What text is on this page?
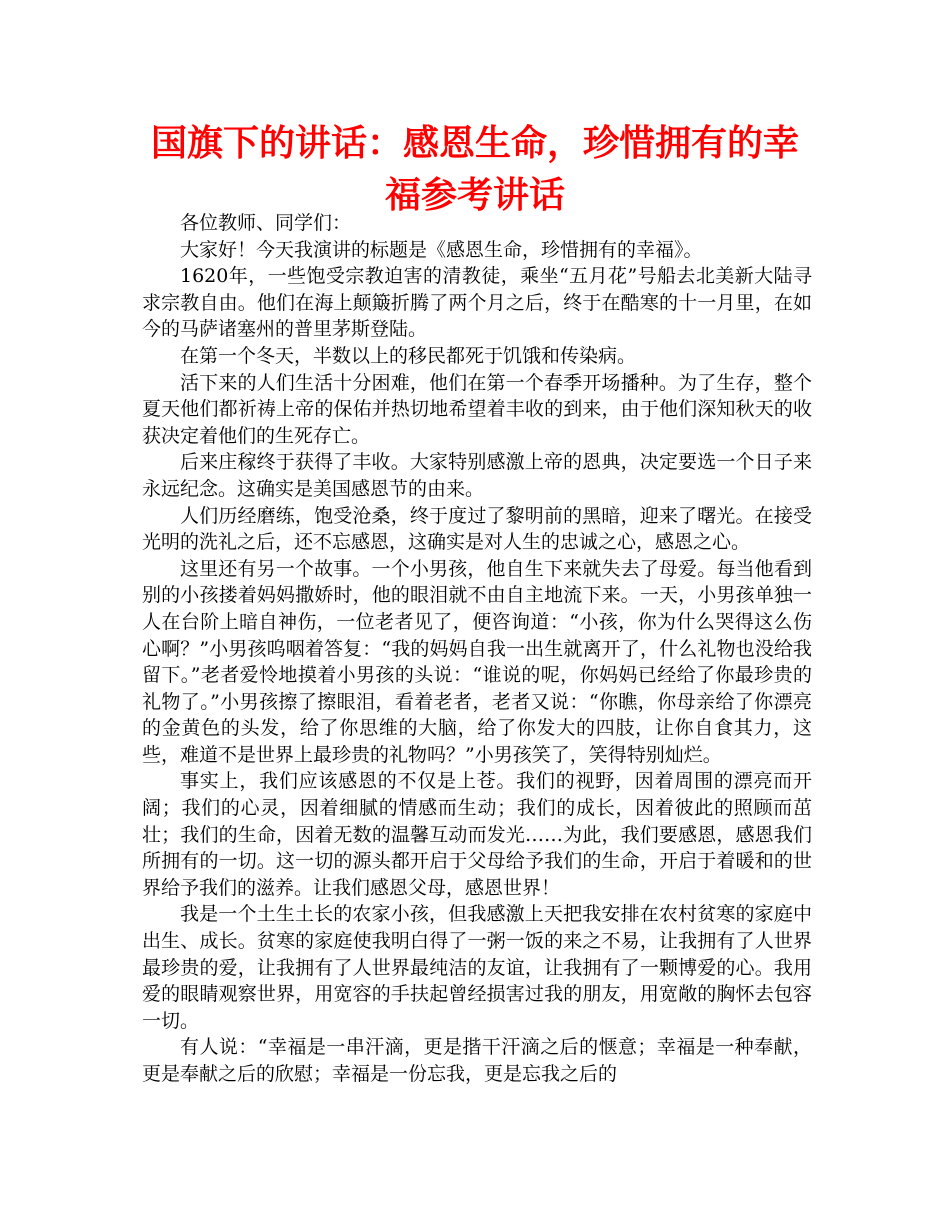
国旗下的讲话：感恩生命，珍惜拥有的幸福参考讲话

各位教师、同学们：

大家好！今天我演讲的标题是《感恩生命，珍惜拥有的幸福》。

1620年，一些饱受宗教迫害的清教徒，乘坐“五月花”号船去北美新大陆寻求宗教自由。他们在海上颠簸折腾了两个月之后，终于在酷寒的十一月里，在如今的马萨诸塞州的普里茅斯登陆。

在第一个冬天，半数以上的移民都死于饥饿和传染病。

活下来的人们生活十分困难，他们在第一个春季开场播种。为了生存，整个夏天他们都祈祷上帝的保佑并热切地希望着丰收的到来，由于他们深知秋天的收获决定着他们的生死存亡。

后来庄稼终于获得了丰收。大家特别感激上帝的恩典，决定要选一个日子来永远纪念。这确实是美国感恩节的由来。

人们历经磨练，饱受沧桑，终于度过了黎明前的黑暗，迎来了曙光。在接受光明的洗礼之后，还不忘感恩，这确实是对人生的忠诚之心，感恩之心。

这里还有另一个故事。一个小男孩，他自生下来就失去了母爱。每当他看到别的小孩搂着妈妈撒娇时，他的眼泪就不由自主地流下来。一天，小男孩单独一人在台阶上暗自神伤，一位老者见了，便咨询道：“小孩，你为什么哭得这么伤心啊？”小男孩呜咽着答复：“我的妈妈自我一出生就离开了，什么礼物也没给我留下。”老者爱怜地摸着小男孩的头说：“谁说的呢，你妈妈已经给了你最珍贵的礼物了。”小男孩擦了擦眼泪，看着老者，老者又说：“你瞧，你母亲给了你漂亮的金黄色的头发，给了你思维的大脑，给了你发大的四肢，让你自食其力，这些，难道不是世界上最珍贵的礼物吗？”小男孩笑了，笑得特别灿烂。

事实上，我们应该感恩的不仅是上苍。我们的视野，因着周围的漂亮而开阔；我们的心灵，因着细腻的情感而生动；我们的成长，因着彼此的照顾而茁壮；我们的生命，因着无数的温馨互动而发光……为此，我们要感恩，感恩我们所拥有的一切。这一切的源头都开启于父母给予我们的生命，开启于着暖和的世界给予我们的滋养。让我们感恩父母，感恩世界！

我是一个土生土长的农家小孩，但我感激上天把我安排在农村贫寒的家庭中出生、成长。贫寒的家庭使我明白得了一粥一饭的来之不易，让我拥有了人世界最珍贵的爱，让我拥有了人世界最纯洁的友谊，让我拥有了一颗博爱的心。我用爱的眼睛观察世界，用宽容的手扶起曾经损害过我的朋友，用宽敞的胸怀去包容一切。

有人说：“幸福是一串汗滴，更是揩干汗滴之后的惬意；幸福是一种奉献，更是奉献之后的欣慰；幸福是一份忘我，更是忘我之后的
